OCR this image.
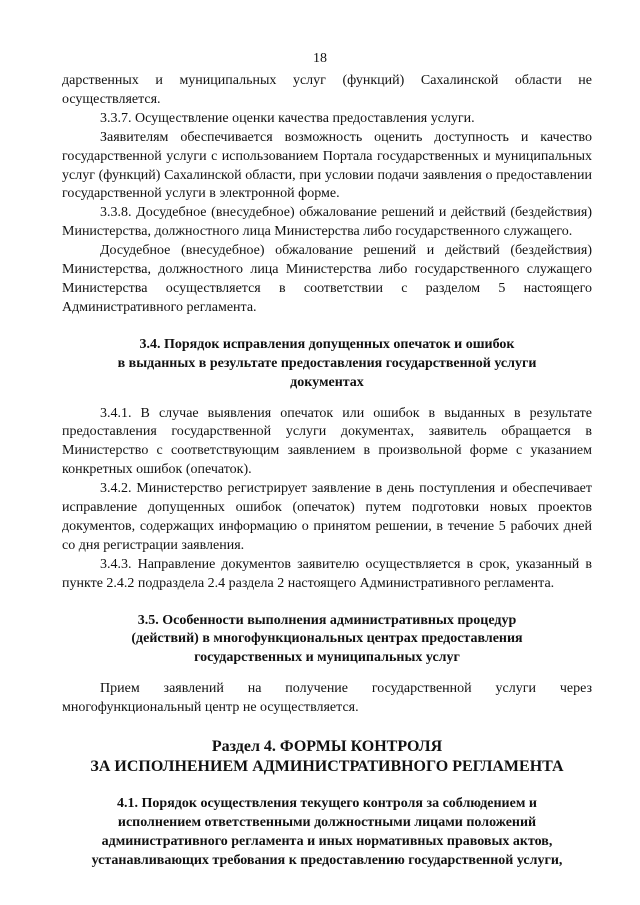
18

дарственных и муниципальных услуг (функций) Сахалинской области не осуществляется.

3.3.7. Осуществление оценки качества предоставления услуги.

Заявителям обеспечивается возможность оценить доступность и качество государственной услуги с использованием Портала государственных и муниципальных услуг (функций) Сахалинской области, при условии подачи заявления о предоставлении государственной услуги в электронной форме.

3.3.8. Досудебное (внесудебное) обжалование решений и действий (бездействия) Министерства, должностного лица Министерства либо государственного служащего.

Досудебное (внесудебное) обжалование решений и действий (бездействия) Министерства, должностного лица Министерства либо государственного служащего Министерства осуществляется в соответствии с разделом 5 настоящего Административного регламента.

3.4. Порядок исправления допущенных опечаток и ошибок
в выданных в результате предоставления государственной услуги
документах

3.4.1. В случае выявления опечаток или ошибок в выданных в результате предоставления государственной услуги документах, заявитель обращается в Министерство с соответствующим заявлением в произвольной форме с указанием конкретных ошибок (опечаток).

3.4.2. Министерство регистрирует заявление в день поступления и обеспечивает исправление допущенных ошибок (опечаток) путем подготовки новых проектов документов, содержащих информацию о принятом решении, в течение 5 рабочих дней со дня регистрации заявления.

3.4.3. Направление документов заявителю осуществляется в срок, указанный в пункте 2.4.2 подраздела 2.4 раздела 2 настоящего Административного регламента.

3.5. Особенности выполнения административных процедур
(действий) в многофункциональных центрах предоставления
государственных и муниципальных услуг

Прием заявлений на получение государственной услуги через многофункциональный центр не осуществляется.

Раздел 4. ФОРМЫ КОНТРОЛЯ
ЗА ИСПОЛНЕНИЕМ АДМИНИСТРАТИВНОГО РЕГЛАМЕНТА
4.1. Порядок осуществления текущего контроля за соблюдением и
исполнением ответственными должностными лицами положений
административного регламента и иных нормативных правовых актов,
устанавливающих требования к предоставлению государственной услуги,
